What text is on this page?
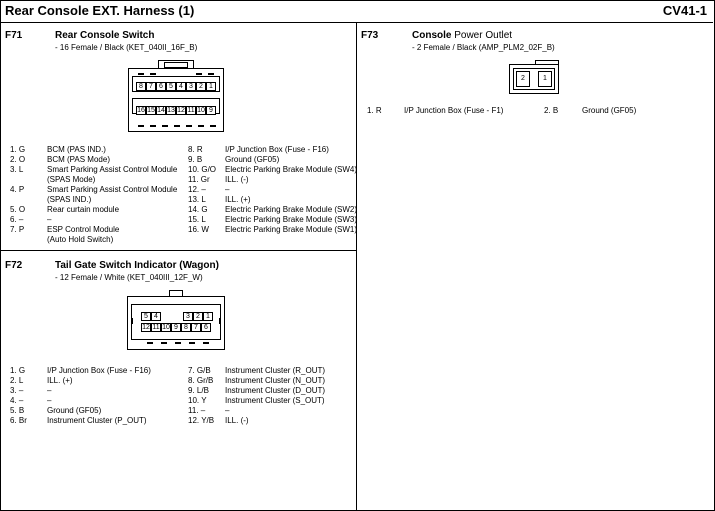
Rear Console EXT. Harness (1)	CV41-1
F71	Rear Console Switch
- 16 Female / Black (KET_040II_16F_B)
8 7 6 5 4 3 2 1
16 15 14 13 12 11 10 9
1. G	BCM (PAS IND.)
2. O	BCM (PAS Mode)
3. L	Smart Parking Assist Control Module
(SPAS Mode)
4. P	Smart Parking Assist Control Module
(SPAS IND.)
5. O	Rear curtain module
6. –	–
7. P	ESP Control Module
(Auto Hold Switch)
8. R	I/P Junction Box (Fuse - F16)
9. B	Ground (GF05)
10. G/O	Electric Parking Brake Module (SW4)
11. Gr	ILL. (-)
12. –	–
13. L	ILL. (+)
14. G	Electric Parking Brake Module (SW2)
15. L	Electric Parking Brake Module (SW3)
16. W	Electric Parking Brake Module (SW1)
F72	Tail Gate Switch Indicator (Wagon)
- 12 Female / White (KET_040III_12F_W)
5 4	3 2 1
12 11 10 9 8 7 6
1. G	I/P Junction Box (Fuse - F16)
2. L	ILL. (+)
3. –	–
4. –	–
5. B	Ground (GF05)
6. Br	Instrument Cluster (P_OUT)
7. G/B	Instrument Cluster (R_OUT)
8. Gr/B	Instrument Cluster (N_OUT)
9. L/B	Instrument Cluster (D_OUT)
10. Y	Instrument Cluster (S_OUT)
11. –	–
12. Y/B	ILL. (-)
F73	Console Power Outlet
- 2 Female / Black (AMP_PLM2_02F_B)
2	1
1. R	I/P Junction Box (Fuse - F1)	2. B	Ground (GF05)
